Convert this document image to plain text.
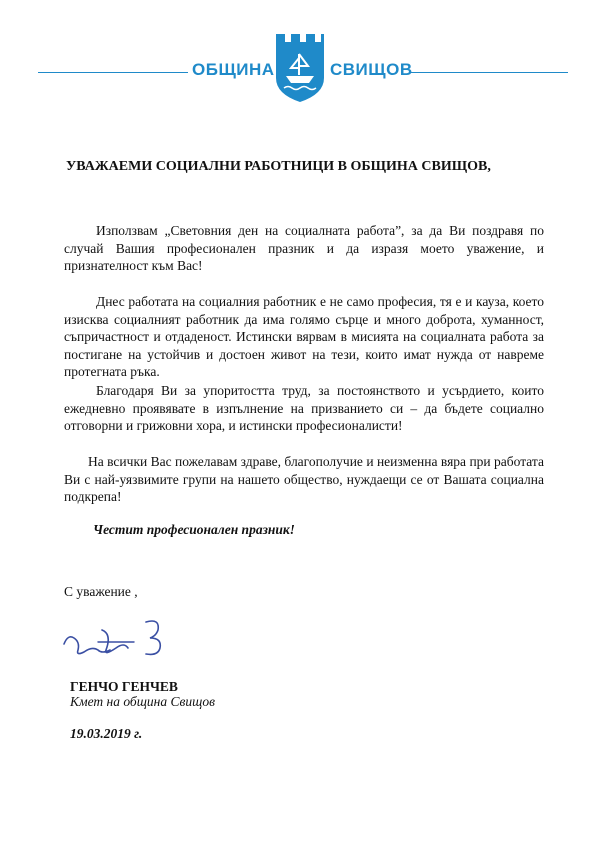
ОБЩИНА	СВИЩОВ
УВАЖАЕМИ СОЦИАЛНИ РАБОТНИЦИ В ОБЩИНА СВИЩОВ,

Използвам „Световния ден на социалната работа”, за да Ви поздравя по случай Вашия професионален празник и да изразя моето уважение, и признателност към Вас!

Днес работата на социалния работник е не само професия, тя е и кауза, което изисква социалният работник да има голямо сърце и много доброта, хуманност, съпричастност и отдаденост. Истински вярвам в мисията на социалната работа за постигане на устойчив и достоен живот на тези, които имат нужда от навреме протегната ръка.

Благодаря Ви за упоритостта труд, за постоянството и усърдието, които ежедневно проявявате в изпълнение на призванието си – да бъдете социално отговорни и грижовни хора, и истински професионалисти!

На всички Вас пожелавам здраве, благополучие и неизменна вяра при работата Ви с най-уязвимите групи на нашето общество, нуждаещи се от Вашата социална подкрепа!

Честит професионален празник!
С уважение ,
ГЕНЧО ГЕНЧЕВ
Кмет на община Свищов
19.03.2019 г.
